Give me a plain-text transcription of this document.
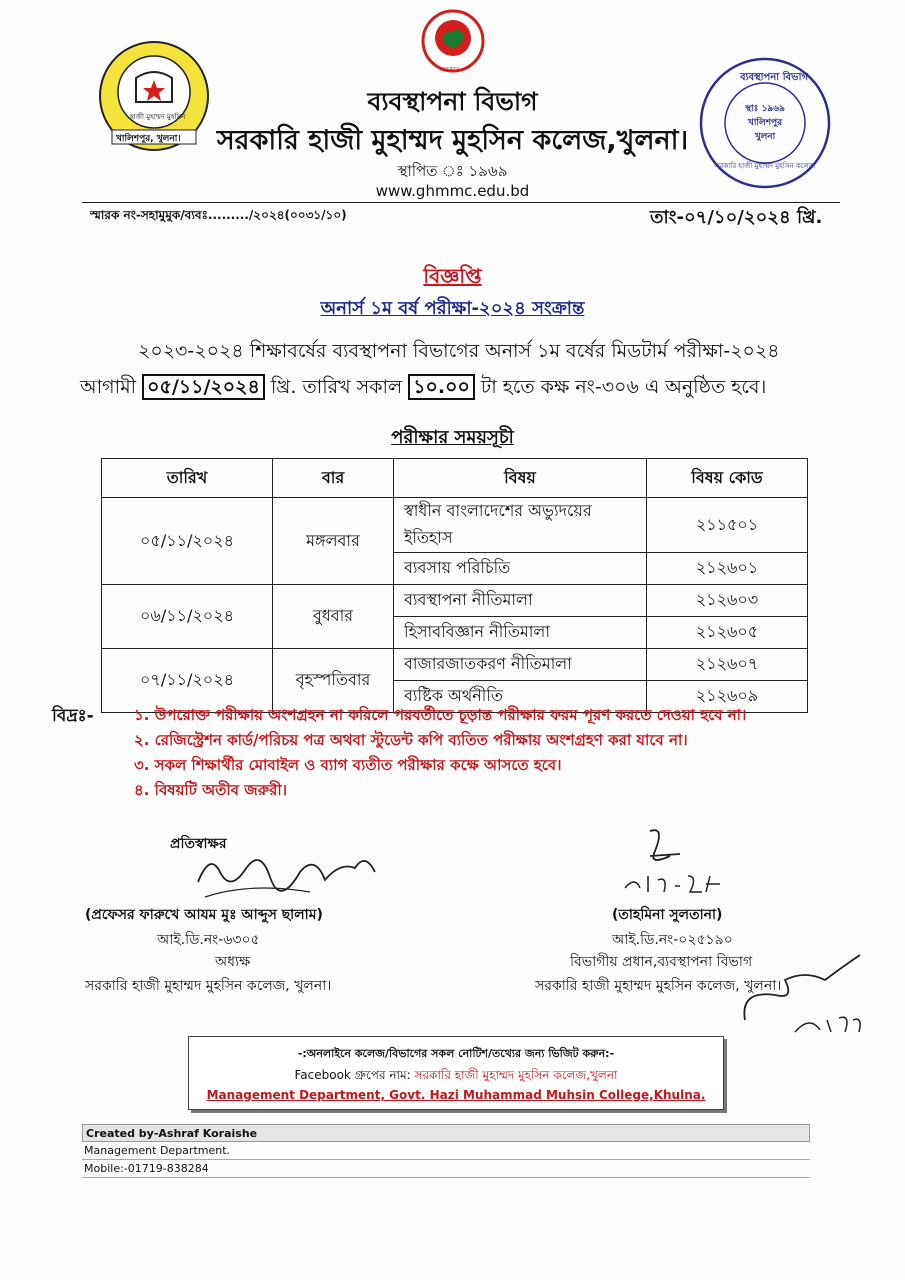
খালিশপুর, খুলনা।
হাজী মুহাম্মদ মুহসিন
সরকার
ব্যবস্থাপনা বিভাগ
স্থাঃ ১৯৬৯
খালিশপুর
খুলনা
সরকারি হাজী মুহাম্মদ মুহসিন কলেজ
ব্যবস্থাপনা বিভাগ
সরকারি হাজী মুহাম্মদ মুহসিন কলেজ,খুলনা।
স্থাপিত ঃ ১৯৬৯
www.ghmmc.edu.bd
স্মারক নং-সহামুমুক/ব্যবঃ........./২০২৪(০০৩১/১০)	তাং-০৭/১০/২০২৪ খ্রি.
বিজ্ঞপ্তি
অনার্স ১ম বর্ষ পরীক্ষা-২০২৪ সংক্রান্ত
২০২৩-২০২৪ শিক্ষাবর্ষের ব্যবস্থাপনা বিভাগের অনার্স ১ম বর্ষের মিডটার্ম পরীক্ষা-২০২৪
আগামী ০৫/১১/২০২৪ খ্রি. তারিখ সকাল ১০.০০ টা হতে কক্ষ নং-৩০৬ এ অনুষ্ঠিত হবে।
পরীক্ষার সময়সূচী
তারিখ	বার	বিষয়	বিষয় কোড
০৫/১১/২০২৪	মঙ্গলবার	স্বাধীন বাংলাদেশের অভ্যুদয়ের ইতিহাস	২১১৫০১
		ব্যবসায় পরিচিতি	২১২৬০১
০৬/১১/২০২৪	বুধবার	ব্যবস্থাপনা নীতিমালা	২১২৬০৩
		হিসাববিজ্ঞান নীতিমালা	২১২৬০৫
০৭/১১/২০২৪	বৃহস্পতিবার	বাজারজাতকরণ নীতিমালা	২১২৬০৭
		ব্যষ্টিক অর্থনীতি	২১২৬০৯
বিদ্রঃ-	১. উপরোক্ত পরীক্ষায় অংশগ্রহন না করিলে পরবর্তীতে চূড়ান্ত পরীক্ষার ফরম পূরণ করতে দেওয়া হবে না।
২. রেজিস্ট্রেশন কার্ড/পরিচয় পত্র অথবা স্টুডেন্ট কপি ব্যতিত পরীক্ষায় অংশগ্রহণ করা যাবে না।
৩. সকল শিক্ষার্থীর মোবাইল ও ব্যাগ ব্যতীত পরীক্ষার কক্ষে আসতে হবে।
৪. বিষয়টি অতীব জরুরী।
প্রতিস্বাক্ষর
(প্রফেসর ফারুখে আযম মুঃ আব্দুস ছালাম)
আই.ডি.নং-৬৩০৫
অধ্যক্ষ
সরকারি হাজী মুহাম্মদ মুহসিন কলেজ, খুলনা।
(তাহমিনা সুলতানা)
আই.ডি.নং-০২৫১৯০
বিভাগীয় প্রধান,ব্যবস্থাপনা বিভাগ
সরকারি হাজী মুহাম্মদ মুহসিন কলেজ, খুলনা।
-:অনলাইনে কলেজ/বিভাগের সকল নোটিশ/তথ্যের জন্য ভিজিট করুন:-
Facebook গ্রুপের নাম: সরকারি হাজী মুহাম্মদ মুহসিন কলেজ,খুলনা
Management Department, Govt. Hazi Muhammad Muhsin College,Khulna.
Created by-Ashraf Koraishe
Management Department.
Mobile:-01719-838284
